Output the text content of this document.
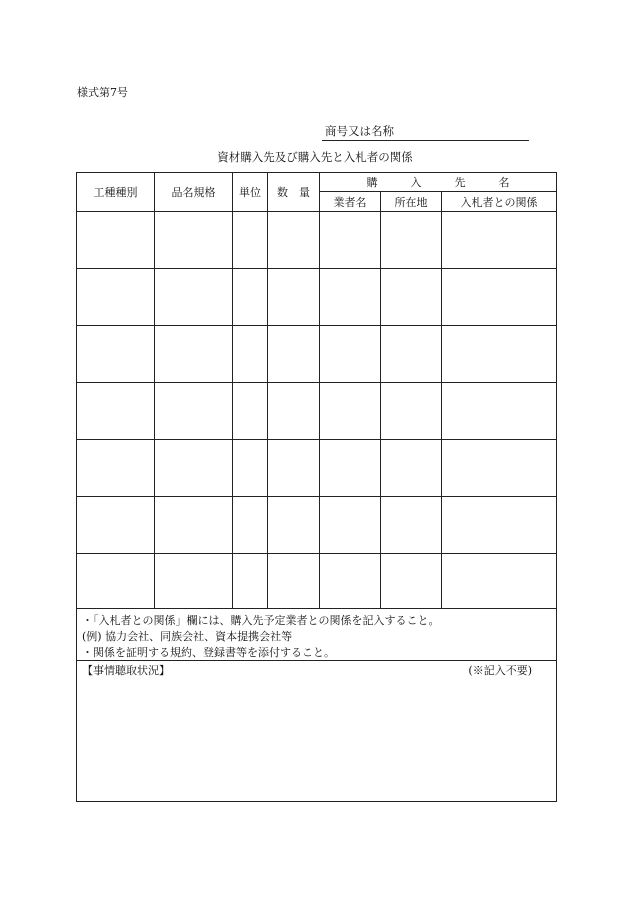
様式第7号
商号又は名称
資材購入先及び購入先と入札者の関係
工種種別	品名規格	単位	数　量
購　　　入　　　先　　　名
業者名	所在地	入札者との関係
・「入札者との関係」欄には、購入先予定業者との関係を記入すること。
(例) 協力会社、同族会社、資本提携会社等
・関係を証明する規約、登録書等を添付すること。
【事情聴取状況】	(※記入不要)
